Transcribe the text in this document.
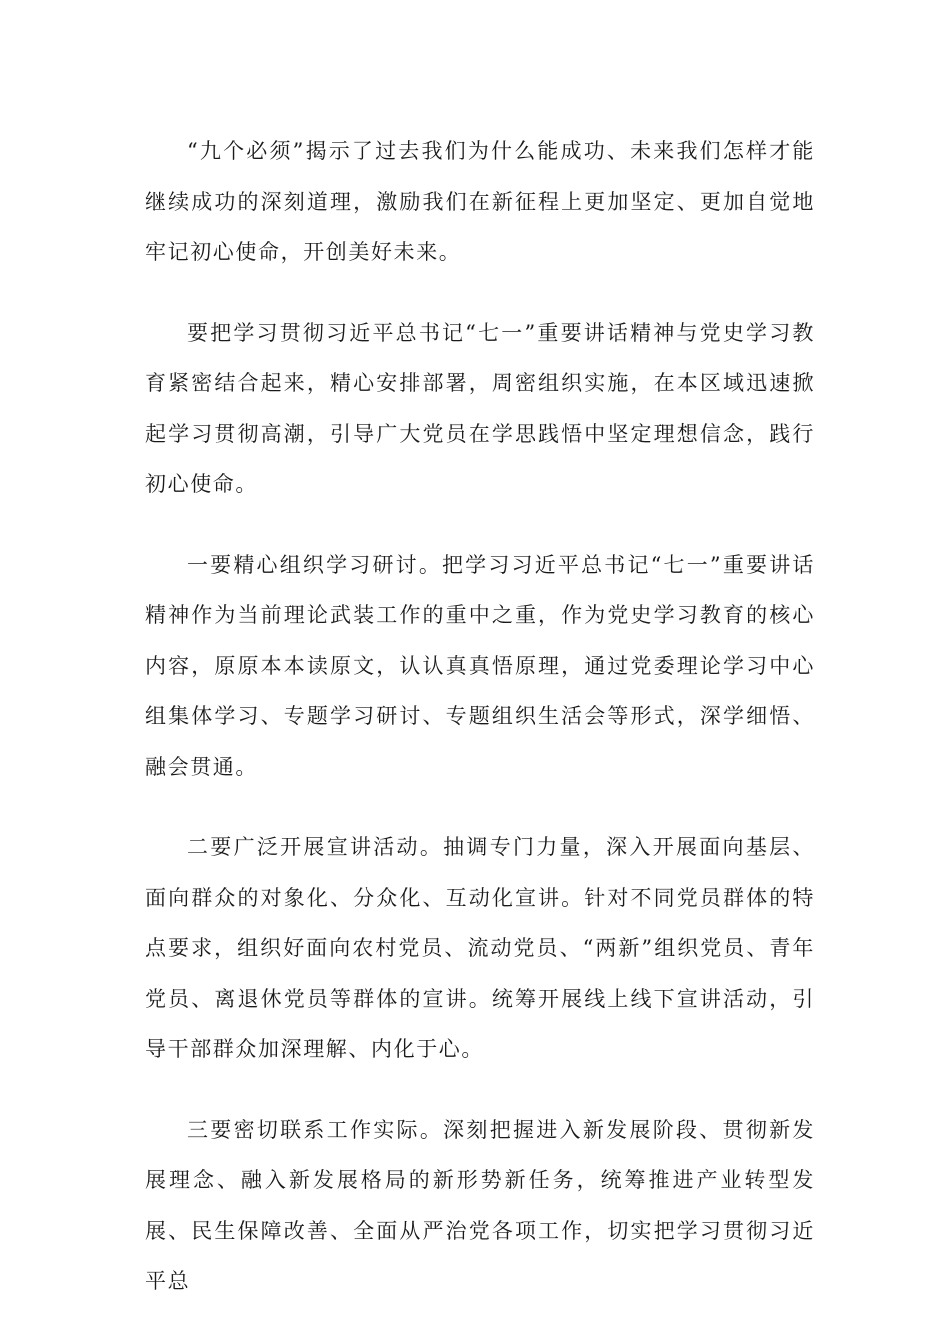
“九个必须”揭示了过去我们为什么能成功、未来我们怎样才能继续成功的深刻道理，激励我们在新征程上更加坚定、更加自觉地牢记初心使命，开创美好未来。

要把学习贯彻习近平总书记“七一”重要讲话精神与党史学习教育紧密结合起来，精心安排部署，周密组织实施，在本区域迅速掀起学习贯彻高潮，引导广大党员在学思践悟中坚定理想信念，践行初心使命。

一要精心组织学习研讨。把学习习近平总书记“七一”重要讲话精神作为当前理论武装工作的重中之重，作为党史学习教育的核心内容，原原本本读原文，认认真真悟原理，通过党委理论学习中心组集体学习、专题学习研讨、专题组织生活会等形式，深学细悟、融会贯通。

二要广泛开展宣讲活动。抽调专门力量，深入开展面向基层、面向群众的对象化、分众化、互动化宣讲。针对不同党员群体的特点要求，组织好面向农村党员、流动党员、“两新”组织党员、青年党员、离退休党员等群体的宣讲。统筹开展线上线下宣讲活动，引导干部群众加深理解、内化于心。

三要密切联系工作实际。深刻把握进入新发展阶段、贯彻新发展理念、融入新发展格局的新形势新任务，统筹推进产业转型发展、民生保障改善、全面从严治党各项工作，切实把学习贯彻习近平总
